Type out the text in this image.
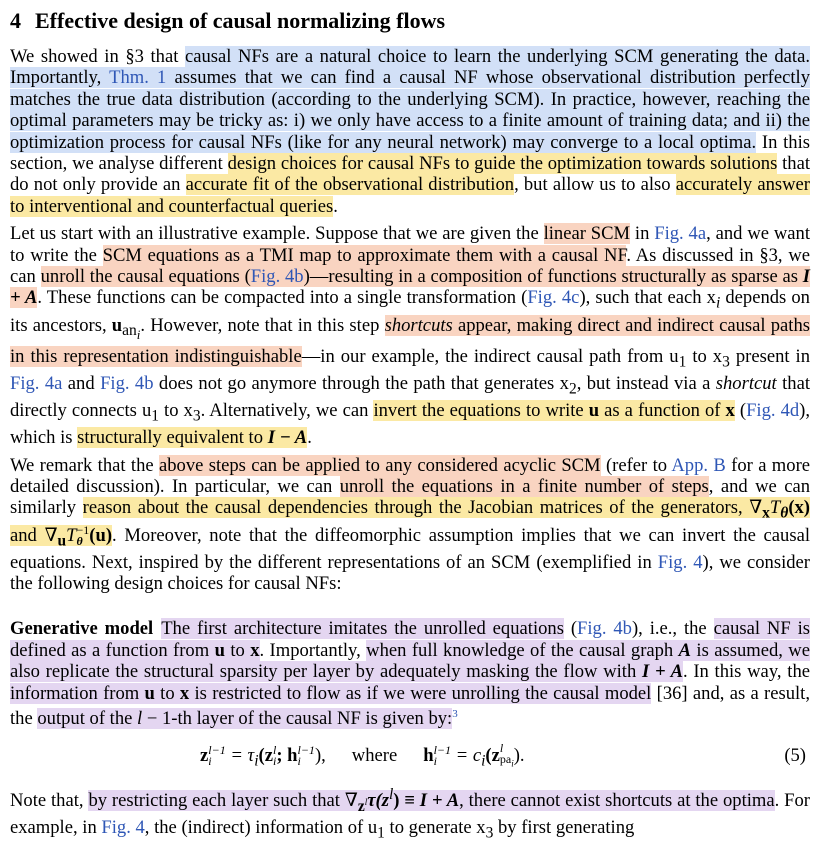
4 Effective design of causal normalizing flows

We showed in §3 that causal NFs are a natural choice to learn the underlying SCM generating the data. Importantly, Thm. 1 assumes that we can find a causal NF whose observational distribution perfectly matches the true data distribution (according to the underlying SCM). In practice, however, reaching the optimal parameters may be tricky as: i) we only have access to a finite amount of training data; and ii) the optimization process for causal NFs (like for any neural network) may converge to a local optima. In this section, we analyse different design choices for causal NFs to guide the optimization towards solutions that do not only provide an accurate fit of the observational distribution, but allow us to also accurately answer to interventional and counterfactual queries.

Let us start with an illustrative example. Suppose that we are given the linear SCM in Fig. 4a, and we want to write the SCM equations as a TMI map to approximate them with a causal NF. As discussed in §3, we can unroll the causal equations (Fig. 4b)—resulting in a composition of functions structurally as sparse as I + A. These functions can be compacted into a single transformation (Fig. 4c), such that each $x_i$ depends on its ancestors, $u_{an_i}$. However, note that in this step shortcuts appear, making direct and indirect causal paths in this representation indistinguishable—in our example, the indirect causal path from $u_1$ to $x_3$ present in Fig. 4a and Fig. 4b does not go anymore through the path that generates $x_2$, but instead via a shortcut that directly connects $u_1$ to $x_3$. Alternatively, we can invert the equations to write u as a function of x (Fig. 4d), which is structurally equivalent to I − A.

We remark that the above steps can be applied to any considered acyclic SCM (refer to App. B for a more detailed discussion). In particular, we can unroll the equations in a finite number of steps, and we can similarly reason about the causal dependencies through the Jacobian matrices of the generators, $\nabla_xT_\theta(x)$ and $\nabla_uT -1$
θ (u). Moreover, note that the diffeomorphic assumption implies that we can invert the causal equations. Next, inspired by the different representations of an SCM (exemplified in Fig. 4), we consider the following design choices for causal NFs:

Generative model The first architecture imitates the unrolled equations (Fig. 4b), i.e., the causal NF is defined as a function from u to x. Importantly, when full knowledge of the causal graph A is assumed, we also replicate the structural sparsity per layer by adequately masking the flow with I + A. In this way, the information from u to x is restricted to flow as if we were unrolling the causal model [36] and, as a result, the output of the l − 1-th layer of the causal NF is given by:$^3$

z l−1
$i = \tau_i(z$ l
i ; h l−1
i ), where h l−1
$i = c_i(z$ l
$pa_i$ ).	(5)

Note that, by restricting each layer such that $\nabla_{z^l}\tau(z^l) \equiv I + A$, there cannot exist shortcuts at the optima. For example, in Fig. 4, the (indirect) information of $u_1$ to generate $x_3$ by first generating
